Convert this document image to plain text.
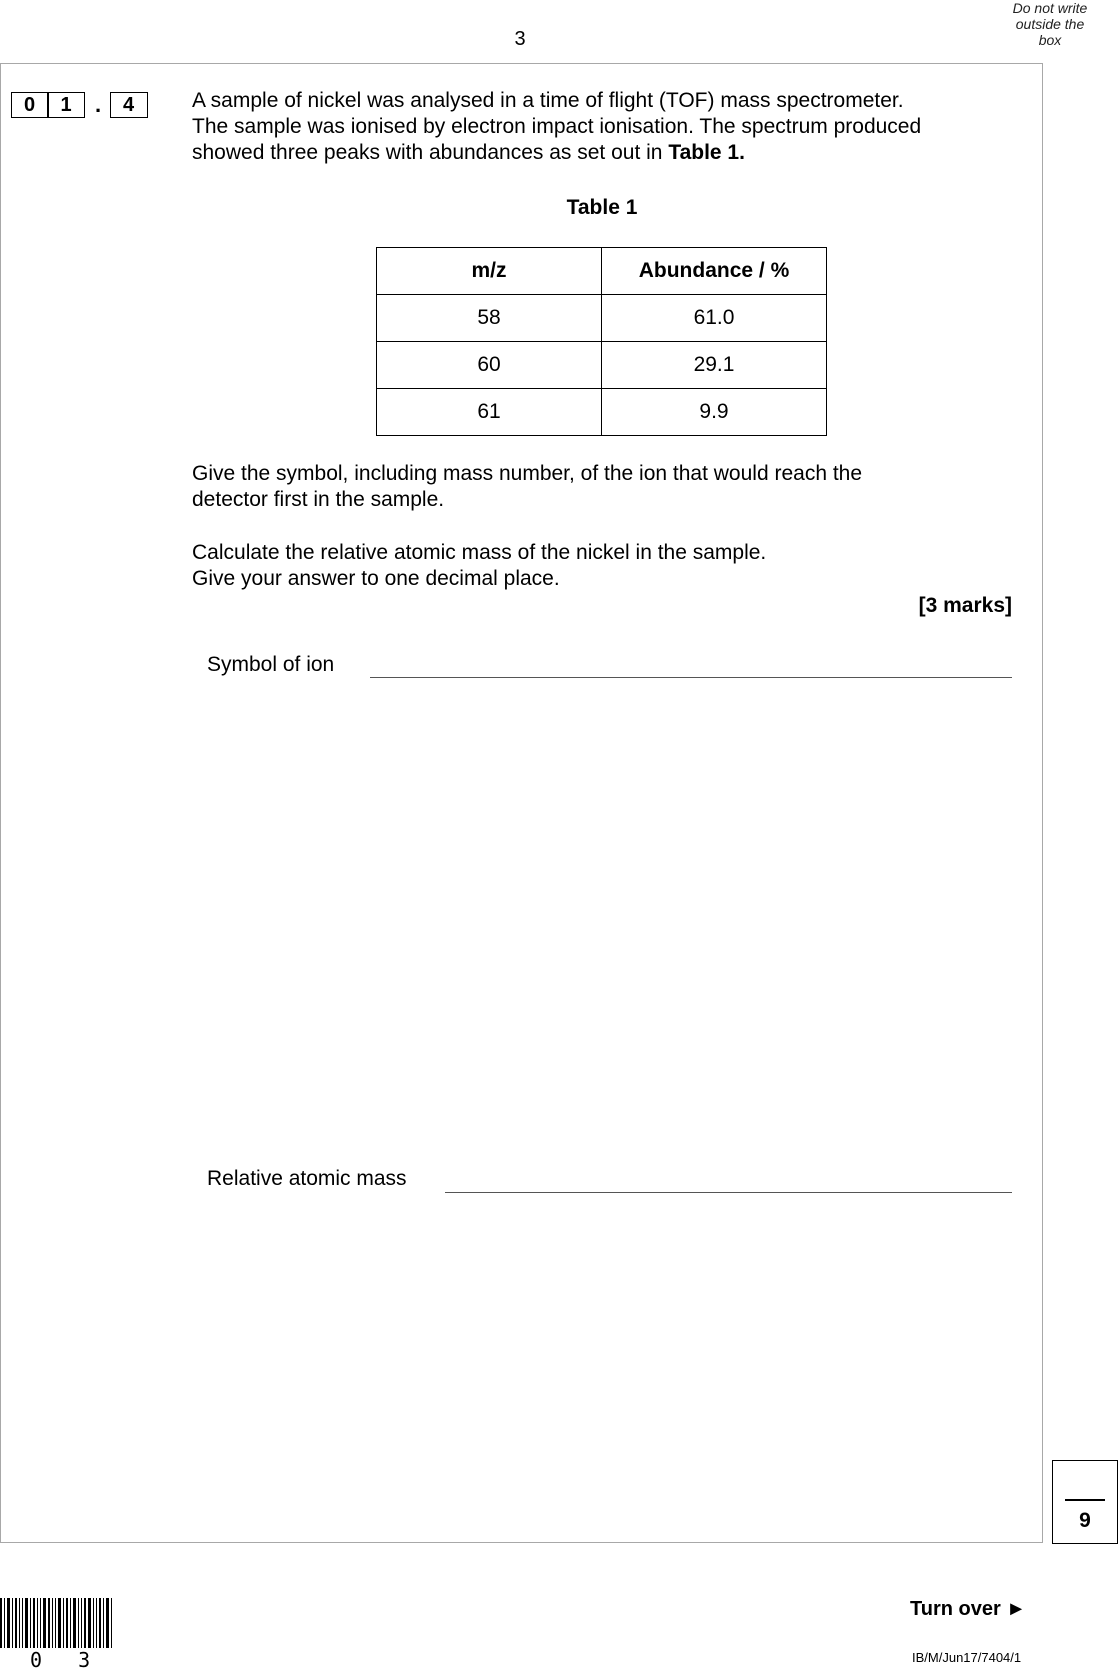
3
Do not write
outside the
box
0	1	.	4	A sample of nickel was analysed in a time of flight (TOF) mass spectrometer.

The sample was ionised by electron impact ionisation. The spectrum produced

showed three peaks with abundances as set out in Table 1.

Table 1
m/z	Abundance / %
58	61.0
60	29.1
61	9.9

Give the symbol, including mass number, of the ion that would reach the

detector first in the sample.

Calculate the relative atomic mass of the nickel in the sample.

Give your answer to one decimal place.

[3 marks]
Symbol of ion
Relative atomic mass
9
0 3
Turn over ►
IB/M/Jun17/7404/1
